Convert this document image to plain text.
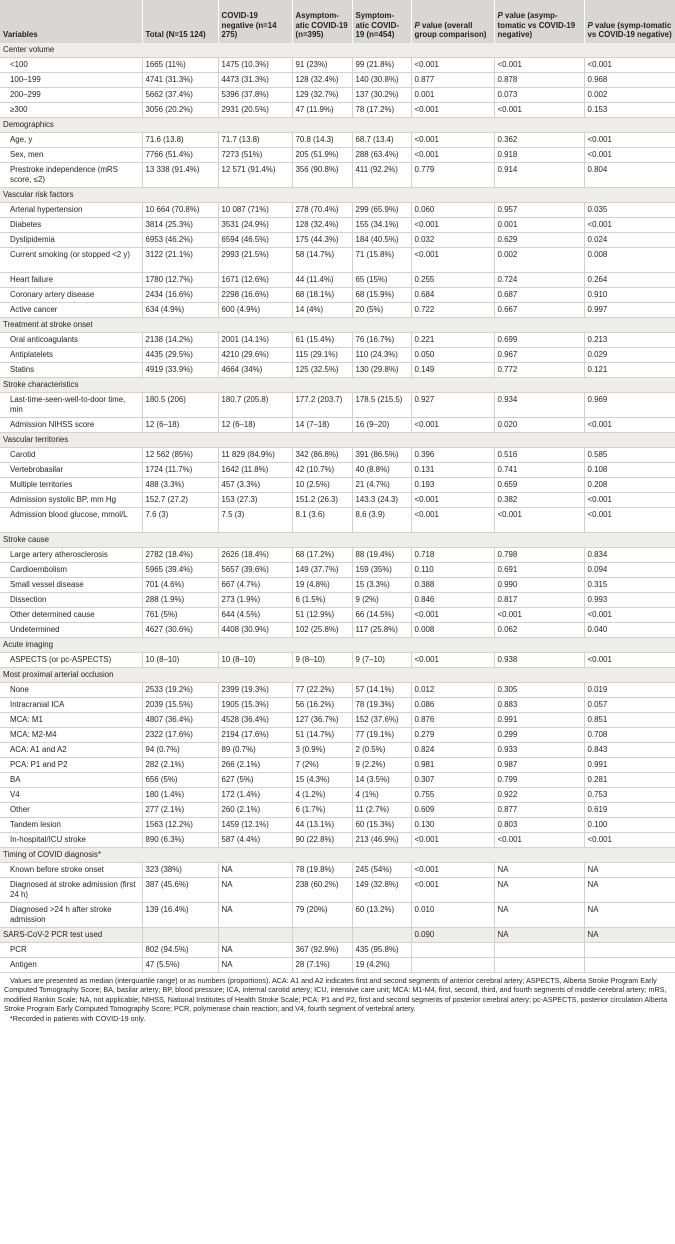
Variables	Total (N=15 124)	COVID-19 negative (n=14 275)	Asymptom-atic COVID-19 (n=395)	Symptom-atic COVID-19 (n=454)	P value (overall group comparison)	P value (asymp-tomatic vs COVID-19 negative)	P value (symp-tomatic vs COVID-19 negative)
Center volume							
<100	1665 (11%)	1475 (10.3%)	91 (23%)	99 (21.8%)	<0.001	<0.001	<0.001
100–199	4741 (31.3%)	4473 (31.3%)	128 (32.4%)	140 (30.8%)	0.877	0.878	0.968
200–299	5662 (37.4%)	5396 (37.8%)	129 (32.7%)	137 (30.2%)	0.001	0.073	0.002
≥300	3056 (20.2%)	2931 (20.5%)	47 (11.9%)	78 (17.2%)	<0.001	<0.001	0.153
Demographics							
Age, y	71.6 (13.8)	71.7 (13.8)	70.8 (14.3)	68.7 (13.4)	<0.001	0.362	<0.001
Sex, men	7766 (51.4%)	7273 (51%)	205 (51.9%)	288 (63.4%)	<0.001	0.918	<0.001
Prestroke independence (mRS score, ≤2)	13 338 (91.4%)	12 571 (91.4%)	356 (90.8%)	411 (92.2%)	0.779	0.914	0.804
Vascular risk factors							
Arterial hypertension	10 664 (70.8%)	10 087 (71%)	278 (70.4%)	299 (65.9%)	0.060	0.957	0.035
Diabetes	3814 (25.3%)	3531 (24.9%)	128 (32.4%)	155 (34.1%)	<0.001	0.001	<0.001
Dyslipidemia	6953 (46.2%)	6594 (46.5%)	175 (44.3%)	184 (40.5%)	0.032	0.629	0.024
Current smoking (or stopped <2 y)	3122 (21.1%)	2993 (21.5%)	58 (14.7%)	71 (15.8%)	<0.001	0.002	0.008
Heart failure	1780 (12.7%)	1671 (12.6%)	44 (11.4%)	65 (15%)	0.255	0.724	0.264
Coronary artery disease	2434 (16.6%)	2298 (16.6%)	68 (18.1%)	68 (15.9%)	0.684	0.687	0.910
Active cancer	634 (4.9%)	600 (4.9%)	14 (4%)	20 (5%)	0.722	0.667	0.997
Treatment at stroke onset							
Oral anticoagulants	2138 (14.2%)	2001 (14.1%)	61 (15.4%)	76 (16.7%)	0.221	0.699	0.213
Antiplatelets	4435 (29.5%)	4210 (29.6%)	115 (29.1%)	110 (24.3%)	0.050	0.967	0.029
Statins	4919 (33.9%)	4664 (34%)	125 (32.5%)	130 (29.8%)	0.149	0.772	0.121
Stroke characteristics							
Last-time-seen-well-to-door time, min	180.5 (206)	180.7 (205.8)	177.2 (203.7)	178.5 (215.5)	0.927	0.934	0.969
Admission NIHSS score	12 (6–18)	12 (6–18)	14 (7–18)	16 (9–20)	<0.001	0.020	<0.001
Vascular territories							
Carotid	12 562 (85%)	11 829 (84.9%)	342 (86.8%)	391 (86.5%)	0.396	0.516	0.585
Vertebrobasilar	1724 (11.7%)	1642 (11.8%)	42 (10.7%)	40 (8.8%)	0.131	0.741	0.108
Multiple territories	488 (3.3%)	457 (3.3%)	10 (2.5%)	21 (4.7%)	0.193	0.659	0.208
Admission systolic BP, mm Hg	152.7 (27.2)	153 (27.3)	151.2 (26.3)	143.3 (24.3)	<0.001	0.382	<0.001
Admission blood glucose, mmol/L	7.6 (3)	7.5 (3)	8.1 (3.6)	8.6 (3.9)	<0.001	<0.001	<0.001
Stroke cause							
Large artery atherosclerosis	2782 (18.4%)	2626 (18.4%)	68 (17.2%)	88 (19.4%)	0.718	0.798	0.834
Cardioembolism	5965 (39.4%)	5657 (39.6%)	149 (37.7%)	159 (35%)	0.110	0.691	0.094
Small vessel disease	701 (4.6%)	667 (4.7%)	19 (4.8%)	15 (3.3%)	0.388	0.990	0.315
Dissection	288 (1.9%)	273 (1.9%)	6 (1.5%)	9 (2%)	0.846	0.817	0.993
Other determined cause	761 (5%)	644 (4.5%)	51 (12.9%)	66 (14.5%)	<0.001	<0.001	<0.001
Undetermined	4627 (30.6%)	4408 (30.9%)	102 (25.8%)	117 (25.8%)	0.008	0.062	0.040
Acute imaging							
ASPECTS (or pc-ASPECTS)	10 (8–10)	10 (8–10)	9 (8–10)	9 (7–10)	<0.001	0.938	<0.001
Most proximal arterial occlusion							
None	2533 (19.2%)	2399 (19.3%)	77 (22.2%)	57 (14.1%)	0.012	0.305	0.019
Intracranial ICA	2039 (15.5%)	1905 (15.3%)	56 (16.2%)	78 (19.3%)	0.086	0.883	0.057
MCA: M1	4807 (36.4%)	4528 (36.4%)	127 (36.7%)	152 (37.6%)	0.876	0.991	0.851
MCA: M2-M4	2322 (17.6%)	2194 (17.6%)	51 (14.7%)	77 (19.1%)	0.279	0.299	0.708
ACA: A1 and A2	94 (0.7%)	89 (0.7%)	3 (0.9%)	2 (0.5%)	0.824	0.933	0.843
PCA: P1 and P2	282 (2.1%)	266 (2.1%)	7 (2%)	9 (2.2%)	0.981	0.987	0.991
BA	656 (5%)	627 (5%)	15 (4.3%)	14 (3.5%)	0.307	0.799	0.281
V4	180 (1.4%)	172 (1.4%)	4 (1.2%)	4 (1%)	0.755	0.922	0.753
Other	277 (2.1%)	260 (2.1%)	6 (1.7%)	11 (2.7%)	0.609	0.877	0.619
Tandem lesion	1563 (12.2%)	1459 (12.1%)	44 (13.1%)	60 (15.3%)	0.130	0.803	0.100
In-hospital/ICU stroke	890 (6.3%)	587 (4.4%)	90 (22.8%)	213 (46.9%)	<0.001	<0.001	<0.001
Timing of COVID diagnosis*							
Known before stroke onset	323 (38%)	NA	78 (19.8%)	245 (54%)	<0.001	NA	NA
Diagnosed at stroke admission (first 24 h)	387 (45.6%)	NA	238 (60.2%)	149 (32.8%)	<0.001	NA	NA
Diagnosed >24 h after stroke admission	139 (16.4%)	NA	79 (20%)	60 (13.2%)	0.010	NA	NA
SARS-CoV-2 PCR test used					0.090	NA	NA
PCR	802 (94.5%)	NA	367 (92.9%)	435 (95.8%)			
Antigen	47 (5.5%)	NA	28 (7.1%)	19 (4.2%)			

Values are presented as median (interquartile range) or as numbers (proportions). ACA: A1 and A2 indicates first and second segments of anterior cerebral artery; ASPECTS, Alberta Stroke Program Early Computed Tomography Score; BA, basilar artery; BP, blood pressure; ICA, internal carotid artery; ICU, intensive care unit; MCA: M1-M4, first, second, third, and fourth segments of middle cerebral artery; mRS, modified Rankin Scale; NA, not applicable; NIHSS, National Institutes of Health Stroke Scale; PCA: P1 and P2, first and second segments of posterior cerebral artery; pc-ASPECTS, posterior circulation Alberta Stroke Program Early Computed Tomography Score; PCR, polymerase chain reaction; and V4, fourth segment of vertebral artery.

*Recorded in patients with COVID-19 only.
